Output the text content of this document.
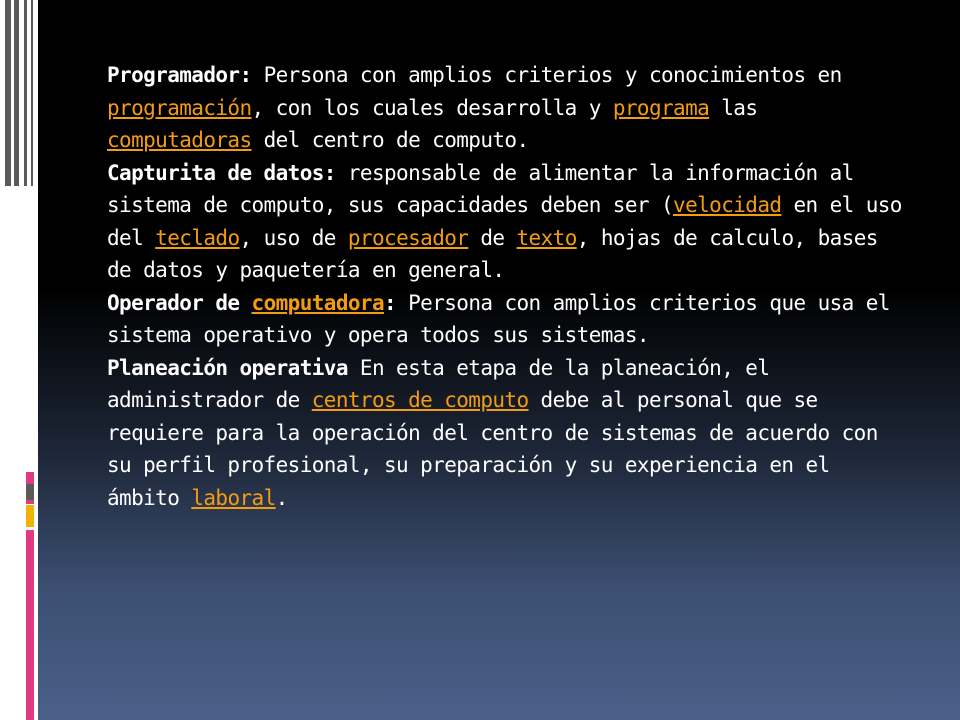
Programador: Persona con amplios criterios y conocimientos en programación, con los cuales desarrolla y programa las computadoras del centro de computo.

Capturita de datos: responsable de alimentar la información al sistema de computo, sus capacidades deben ser (velocidad en el uso del teclado, uso de procesador de texto, hojas de calculo, bases de datos y paquetería en general.

Operador de computadora: Persona con amplios criterios que usa el sistema operativo y opera todos sus sistemas.

Planeación operativa En esta etapa de la planeación, el administrador de centros de computo debe al personal que se requiere para la operación del centro de sistemas de acuerdo con su perfil profesional, su preparación y su experiencia en el ámbito laboral.
